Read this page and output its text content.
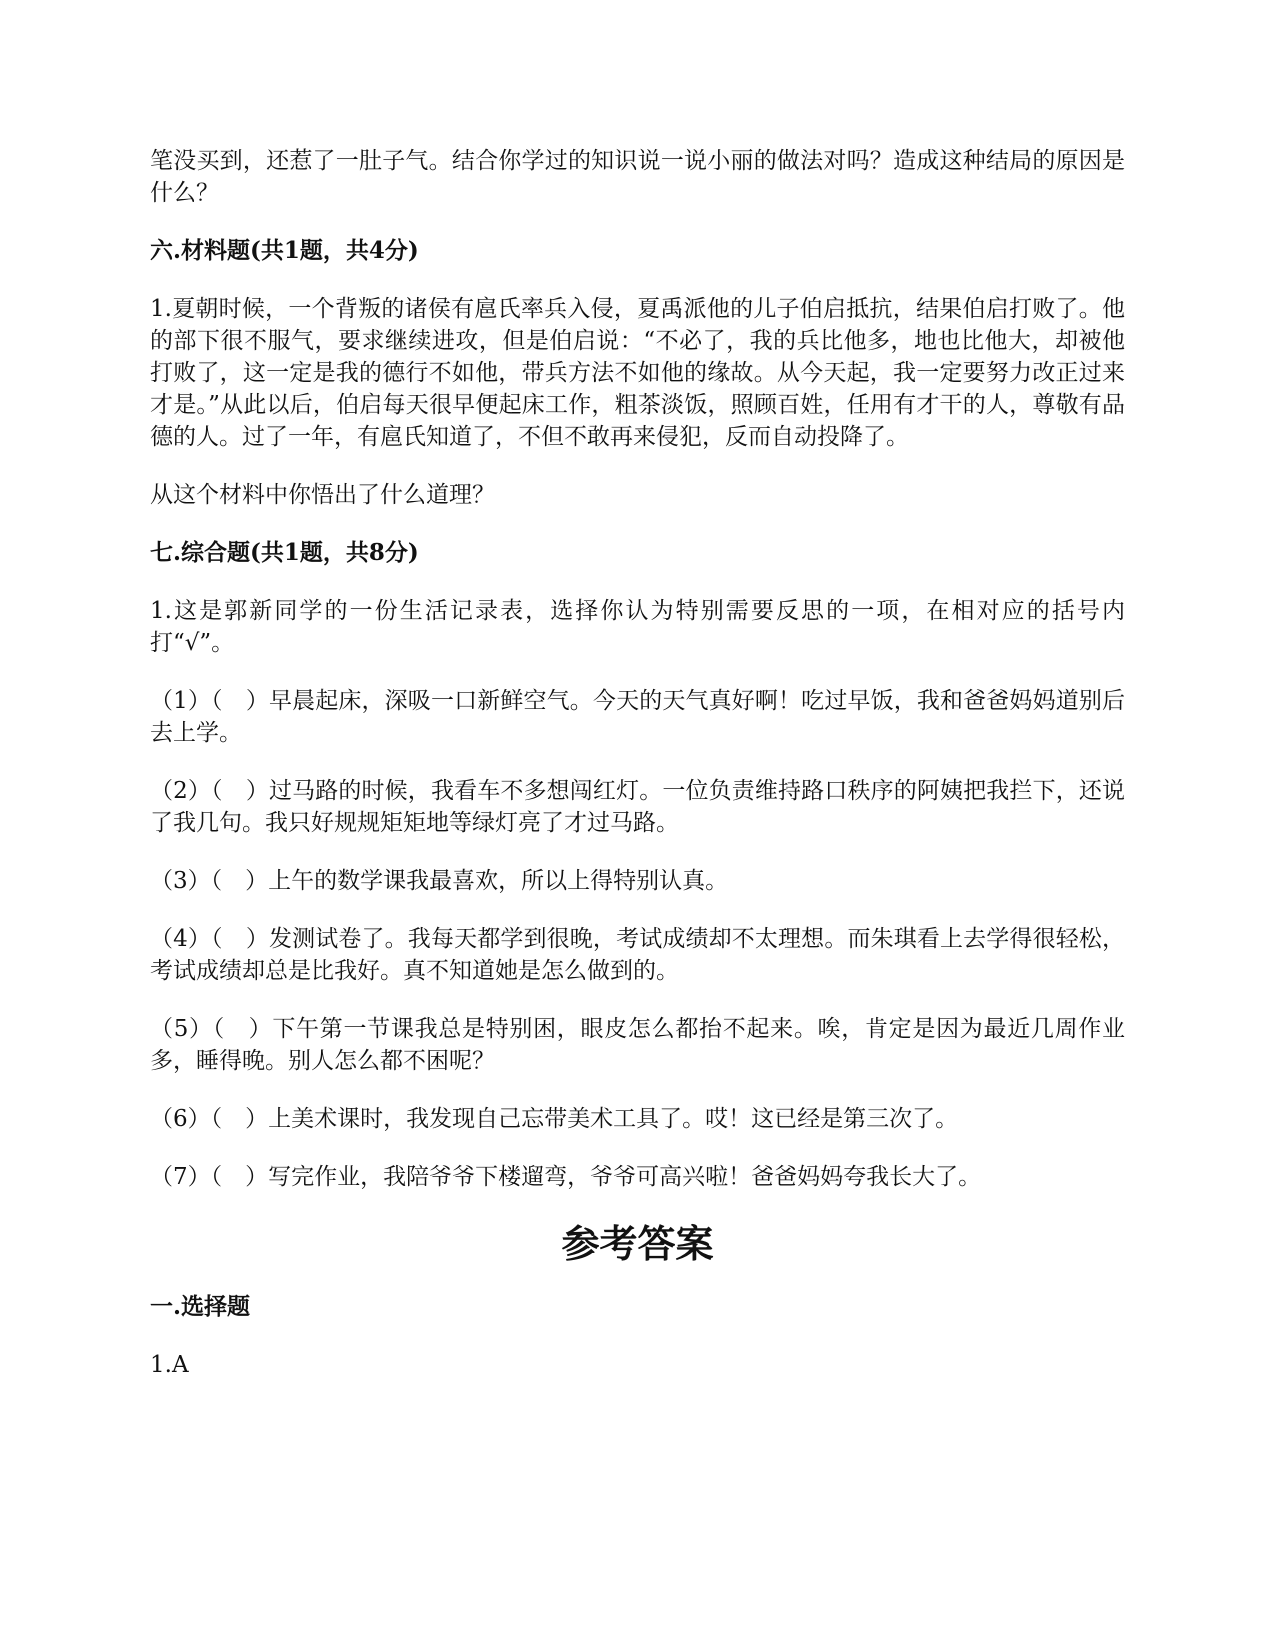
笔没买到，还惹了一肚子气。结合你学过的知识说一说小丽的做法对吗？造成这种结局的原因是什么？

六.材料题(共1题，共4分)

1.夏朝时候，一个背叛的诸侯有扈氏率兵入侵，夏禹派他的儿子伯启抵抗，结果伯启打败了。他的部下很不服气，要求继续进攻，但是伯启说：“不必了，我的兵比他多，地也比他大，却被他打败了，这一定是我的德行不如他，带兵方法不如他的缘故。从今天起，我一定要努力改正过来才是。”从此以后，伯启每天很早便起床工作，粗茶淡饭，照顾百姓，任用有才干的人，尊敬有品德的人。过了一年，有扈氏知道了，不但不敢再来侵犯，反而自动投降了。

从这个材料中你悟出了什么道理？

七.综合题(共1题，共8分)

1.这是郭新同学的一份生活记录表，选择你认为特别需要反思的一项，在相对应的括号内打“√”。

（1）（　）早晨起床，深吸一口新鲜空气。今天的天气真好啊！吃过早饭，我和爸爸妈妈道别后去上学。

（2）（　）过马路的时候，我看车不多想闯红灯。一位负责维持路口秩序的阿姨把我拦下，还说了我几句。我只好规规矩矩地等绿灯亮了才过马路。

（3）（　）上午的数学课我最喜欢，所以上得特别认真。

（4）（　）发测试卷了。我每天都学到很晚，考试成绩却不太理想。而朱琪看上去学得很轻松，考试成绩却总是比我好。真不知道她是怎么做到的。

（5）（　）下午第一节课我总是特别困，眼皮怎么都抬不起来。唉，肯定是因为最近几周作业多，睡得晚。别人怎么都不困呢？

（6）（　）上美术课时，我发现自己忘带美术工具了。哎！这已经是第三次了。

（7）（　）写完作业，我陪爷爷下楼遛弯，爷爷可高兴啦！爸爸妈妈夸我长大了。

参考答案

一.选择题

1.A
